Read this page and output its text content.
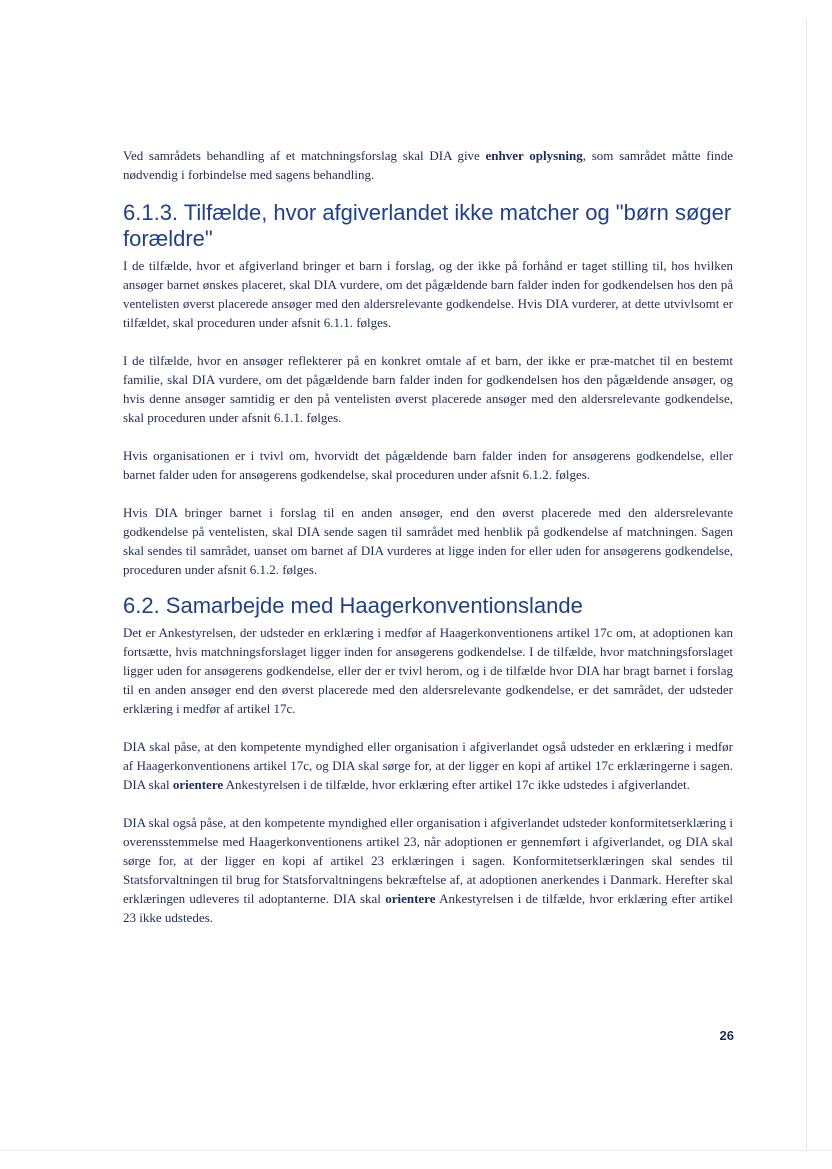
Ved samrådets behandling af et matchningsforslag skal DIA give enhver oplysning, som samrådet måtte finde nødvendig i forbindelse med sagens behandling.

6.1.3. Tilfælde, hvor afgiverlandet ikke matcher og "børn søger forældre"

I de tilfælde, hvor et afgiverland bringer et barn i forslag, og der ikke på forhånd er taget stilling til, hos hvilken ansøger barnet ønskes placeret, skal DIA vurdere, om det pågældende barn falder inden for godkendelsen hos den på ventelisten øverst placerede ansøger med den aldersrelevante godkendelse. Hvis DIA vurderer, at dette utvivlsomt er tilfældet, skal proceduren under afsnit 6.1.1. følges.

I de tilfælde, hvor en ansøger reflekterer på en konkret omtale af et barn, der ikke er præ-matchet til en bestemt familie, skal DIA vurdere, om det pågældende barn falder inden for godkendelsen hos den pågældende ansøger, og hvis denne ansøger samtidig er den på ventelisten øverst placerede ansøger med den aldersrelevante godkendelse, skal proceduren under afsnit 6.1.1. følges.

Hvis organisationen er i tvivl om, hvorvidt det pågældende barn falder inden for ansøgerens godkendelse, eller barnet falder uden for ansøgerens godkendelse, skal proceduren under afsnit 6.1.2. følges.

Hvis DIA bringer barnet i forslag til en anden ansøger, end den øverst placerede med den aldersrelevante godkendelse på ventelisten, skal DIA sende sagen til samrådet med henblik på godkendelse af matchningen. Sagen skal sendes til samrådet, uanset om barnet af DIA vurderes at ligge inden for eller uden for ansøgerens godkendelse, proceduren under afsnit 6.1.2. følges.

6.2. Samarbejde med Haagerkonventionslande

Det er Ankestyrelsen, der udsteder en erklæring i medfør af Haagerkonventionens artikel 17c om, at adoptionen kan fortsætte, hvis matchningsforslaget ligger inden for ansøgerens godkendelse. I de tilfælde, hvor matchningsforslaget ligger uden for ansøgerens godkendelse, eller der er tvivl herom, og i de tilfælde hvor DIA har bragt barnet i forslag til en anden ansøger end den øverst placerede med den aldersrelevante godkendelse, er det samrådet, der udsteder erklæring i medfør af artikel 17c.

DIA skal påse, at den kompetente myndighed eller organisation i afgiverlandet også udsteder en erklæring i medfør af Haagerkonventionens artikel 17c, og DIA skal sørge for, at der ligger en kopi af artikel 17c erklæringerne i sagen. DIA skal orientere Ankestyrelsen i de tilfælde, hvor erklæring efter artikel 17c ikke udstedes i afgiverlandet.

DIA skal også påse, at den kompetente myndighed eller organisation i afgiverlandet udsteder konformitetserklæring i overensstemmelse med Haagerkonventionens artikel 23, når adoptionen er gennemført i afgiverlandet, og DIA skal sørge for, at der ligger en kopi af artikel 23 erklæringen i sagen. Konformitetserklæringen skal sendes til Statsforvaltningen til brug for Statsforvaltningens bekræftelse af, at adoptionen anerkendes i Danmark. Herefter skal erklæringen udleveres til adoptanterne. DIA skal orientere Ankestyrelsen i de tilfælde, hvor erklæring efter artikel 23 ikke udstedes.

26
